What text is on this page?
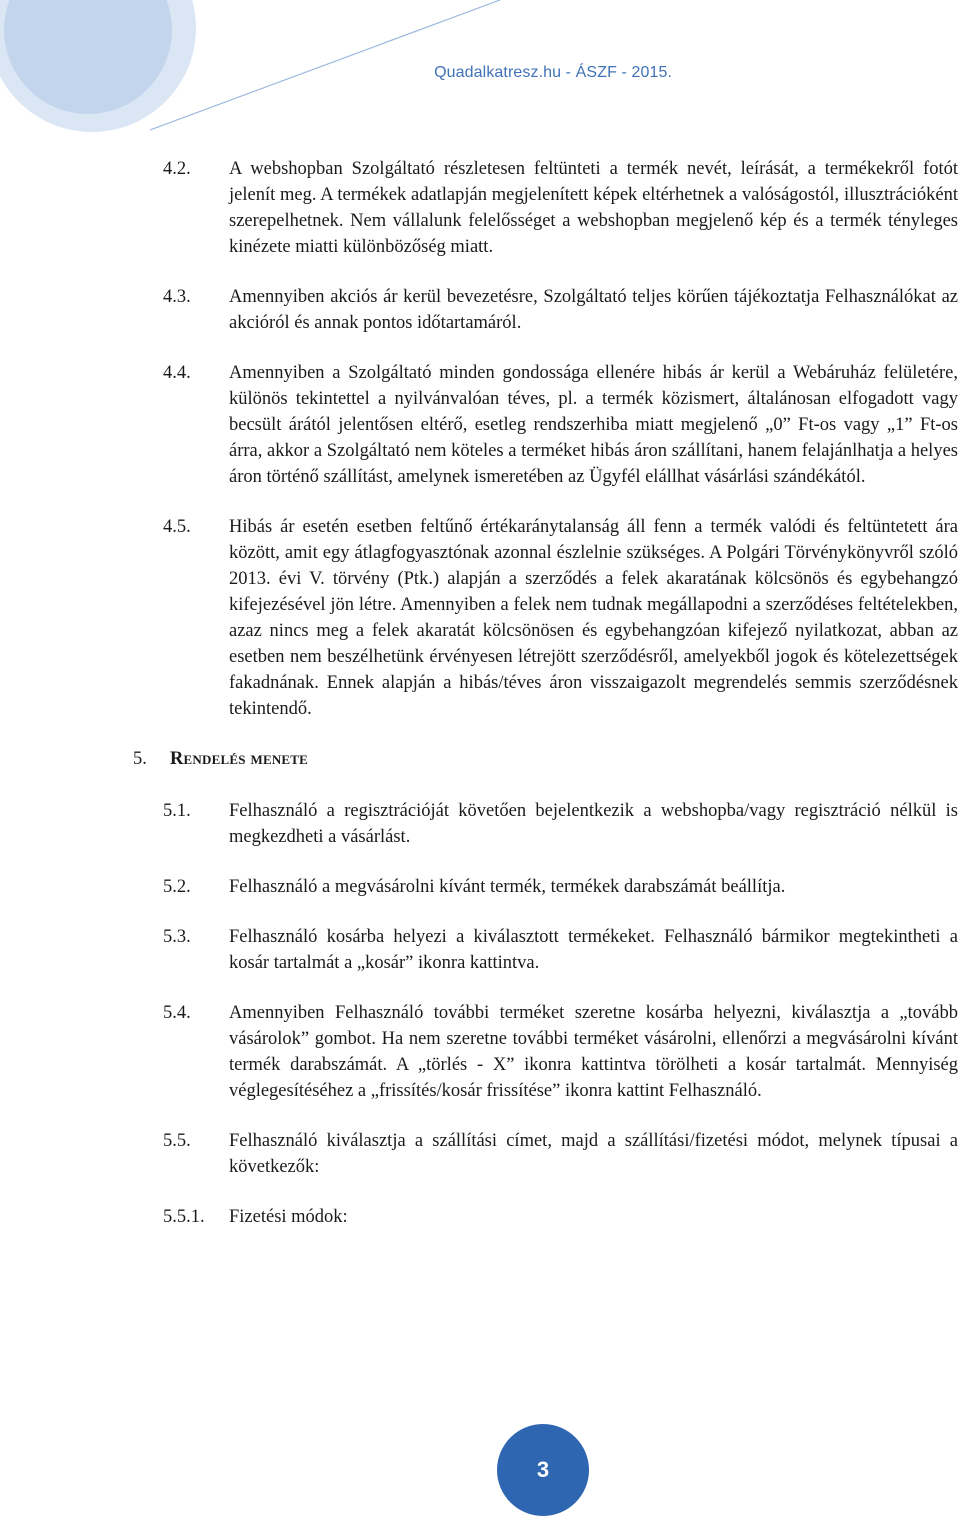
Quadalkatresz.hu - ÁSZF - 2015.
4.2.	A webshopban Szolgáltató részletesen feltünteti a termék nevét, leírását, a termékekről fotót jelenít meg. A termékek adatlapján megjelenített képek eltérhetnek a valóságostól, illusztrációként szerepelhetnek. Nem vállalunk felelősséget a webshopban megjelenő kép és a termék tényleges kinézete miatti különbözőség miatt.
4.3.	Amennyiben akciós ár kerül bevezetésre, Szolgáltató teljes körűen tájékoztatja Felhasználókat az akcióról és annak pontos időtartamáról.
4.4.	Amennyiben a Szolgáltató minden gondossága ellenére hibás ár kerül a Webáruház felületére, különös tekintettel a nyilvánvalóan téves, pl. a termék közismert, általánosan elfogadott vagy becsült árától jelentősen eltérő, esetleg rendszerhiba miatt megjelenő „0” Ft-os vagy „1” Ft-os árra, akkor a Szolgáltató nem köteles a terméket hibás áron szállítani, hanem felajánlhatja a helyes áron történő szállítást, amelynek ismeretében az Ügyfél elállhat vásárlási szándékától.
4.5.	Hibás ár esetén esetben feltűnő értékaránytalanság áll fenn a termék valódi és feltüntetett ára között, amit egy átlagfogyasztónak azonnal észlelnie szükséges. A Polgári Törvénykönyvről szóló 2013. évi V. törvény (Ptk.) alapján a szerződés a felek akaratának kölcsönös és egybehangzó kifejezésével jön létre. Amennyiben a felek nem tudnak megállapodni a szerződéses feltételekben, azaz nincs meg a felek akaratát kölcsönösen és egybehangzóan kifejező nyilatkozat, abban az esetben nem beszélhetünk érvényesen létrejött szerződésről, amelyekből jogok és kötelezettségek fakadnának. Ennek alapján a hibás/téves áron visszaigazolt megrendelés semmis szerződésnek tekintendő.
5.	Rendelés menete
5.1.	Felhasználó a regisztrációját követően bejelentkezik a webshopba/vagy regisztráció nélkül is megkezdheti a vásárlást.
5.2.	Felhasználó a megvásárolni kívánt termék, termékek darabszámát beállítja.
5.3.	Felhasználó kosárba helyezi a kiválasztott termékeket. Felhasználó bármikor megtekintheti a kosár tartalmát a „kosár” ikonra kattintva.
5.4.	Amennyiben Felhasználó további terméket szeretne kosárba helyezni, kiválasztja a „tovább vásárolok” gombot. Ha nem szeretne további terméket vásárolni, ellenőrzi a megvásárolni kívánt termék darabszámát. A „törlés - X” ikonra kattintva törölheti a kosár tartalmát. Mennyiség véglegesítéséhez a „frissítés/kosár frissítése” ikonra kattint Felhasználó.
5.5.	Felhasználó kiválasztja a szállítási címet, majd a szállítási/fizetési módot, melynek típusai a következők:
5.5.1.	Fizetési módok:
3
